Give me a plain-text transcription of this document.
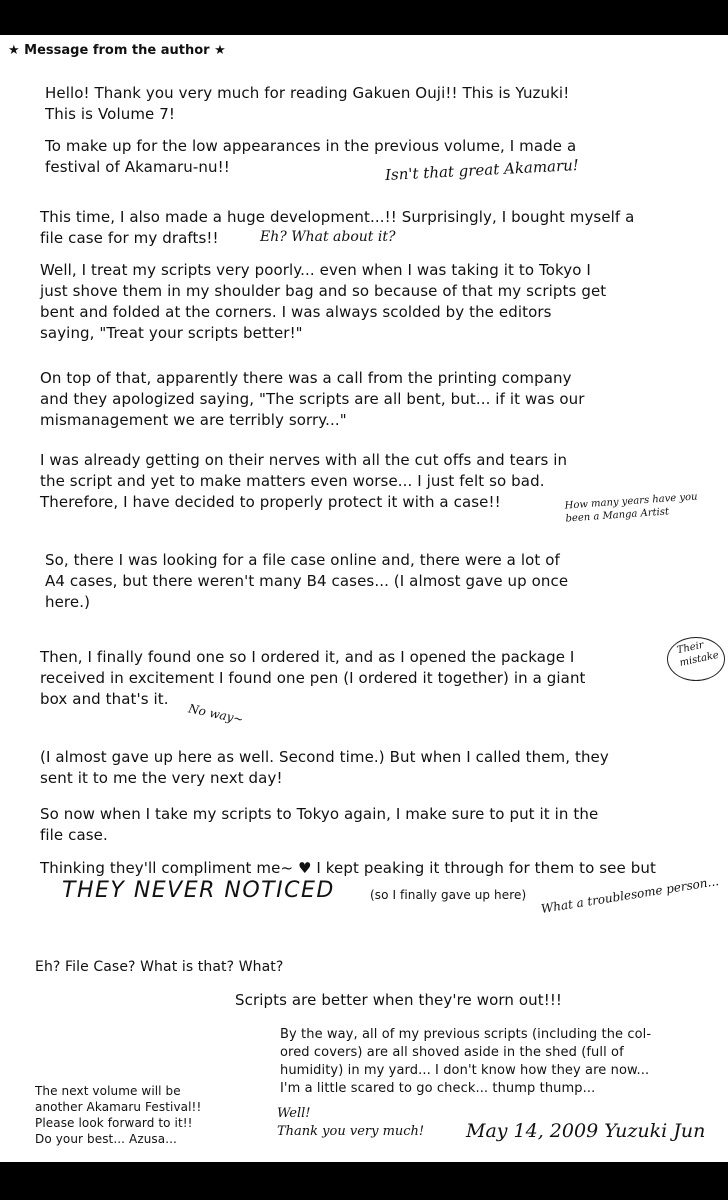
★ Message from the author ★
Hello! Thank you very much for reading Gakuen Ouji!! This is Yuzuki!
This is Volume 7!
To make up for the low appearances in the previous volume, I made a
festival of Akamaru-nu!!	Isn't that great Akamaru!
This time, I also made a huge development...!! Surprisingly, I bought myself a
file case for my drafts!!	Eh? What about it?
Well, I treat my scripts very poorly... even when I was taking it to Tokyo I
just shove them in my shoulder bag and so because of that my scripts get
bent and folded at the corners. I was always scolded by the editors
saying, "Treat your scripts better!"
On top of that, apparently there was a call from the printing company
and they apologized saying, "The scripts are all bent, but... if it was our
mismanagement we are terribly sorry..."
I was already getting on their nerves with all the cut offs and tears in
the script and yet to make matters even worse... I just felt so bad.
Therefore, I have decided to properly protect it with a case!!	How many years have you
been a Manga Artist
So, there I was looking for a file case online and, there were a lot of
A4 cases, but there weren't many B4 cases... (I almost gave up once
here.)
Then, I finally found one so I ordered it, and as I opened the package I
received in excitement I found one pen (I ordered it together) in a giant
box and that's it.
Their
mistake
No way~
(I almost gave up here as well. Second time.) But when I called them, they
sent it to me the very next day!
So now when I take my scripts to Tokyo again, I make sure to put it in the
file case.
Thinking they'll compliment me~ ♥ I kept peaking it through for them to see but
THEY NEVER NOTICED	(so I finally gave up here) What a troublesome person...
Eh? File Case? What is that? What?
Scripts are better when they're worn out!!!
By the way, all of my previous scripts (including the col-
ored covers) are all shoved aside in the shed (full of
humidity) in my yard... I don't know how they are now...
I'm a little scared to go check... thump thump...
The next volume will be
another Akamaru Festival!!
Please look forward to it!!
Do your best... Azusa...
Well!
Thank you very much! May 14, 2009 Yuzuki Jun
